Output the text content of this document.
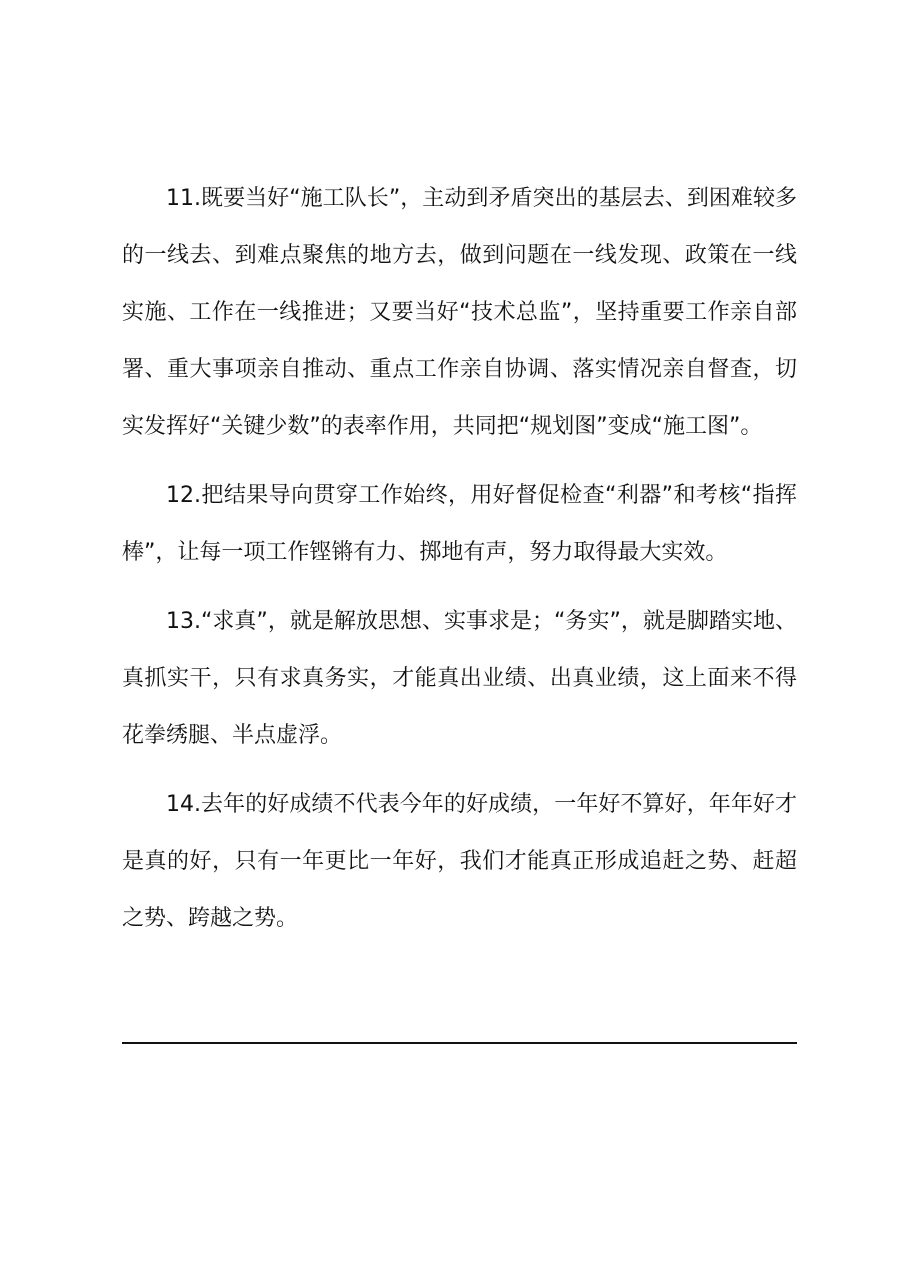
11.既要当好“施工队长”，主动到矛盾突出的基层去、到困难较多的一线去、到难点聚焦的地方去，做到问题在一线发现、政策在一线实施、工作在一线推进；又要当好“技术总监”，坚持重要工作亲自部署、重大事项亲自推动、重点工作亲自协调、落实情况亲自督查，切实发挥好“关键少数”的表率作用，共同把“规划图”变成“施工图”。

12.把结果导向贯穿工作始终，用好督促检查“利器”和考核“指挥棒”，让每一项工作铿锵有力、掷地有声，努力取得最大实效。

13.“求真”，就是解放思想、实事求是；“务实”，就是脚踏实地、真抓实干，只有求真务实，才能真出业绩、出真业绩，这上面来不得花拳绣腿、半点虚浮。

14.去年的好成绩不代表今年的好成绩，一年好不算好，年年好才是真的好，只有一年更比一年好，我们才能真正形成追赶之势、赶超之势、跨越之势。
